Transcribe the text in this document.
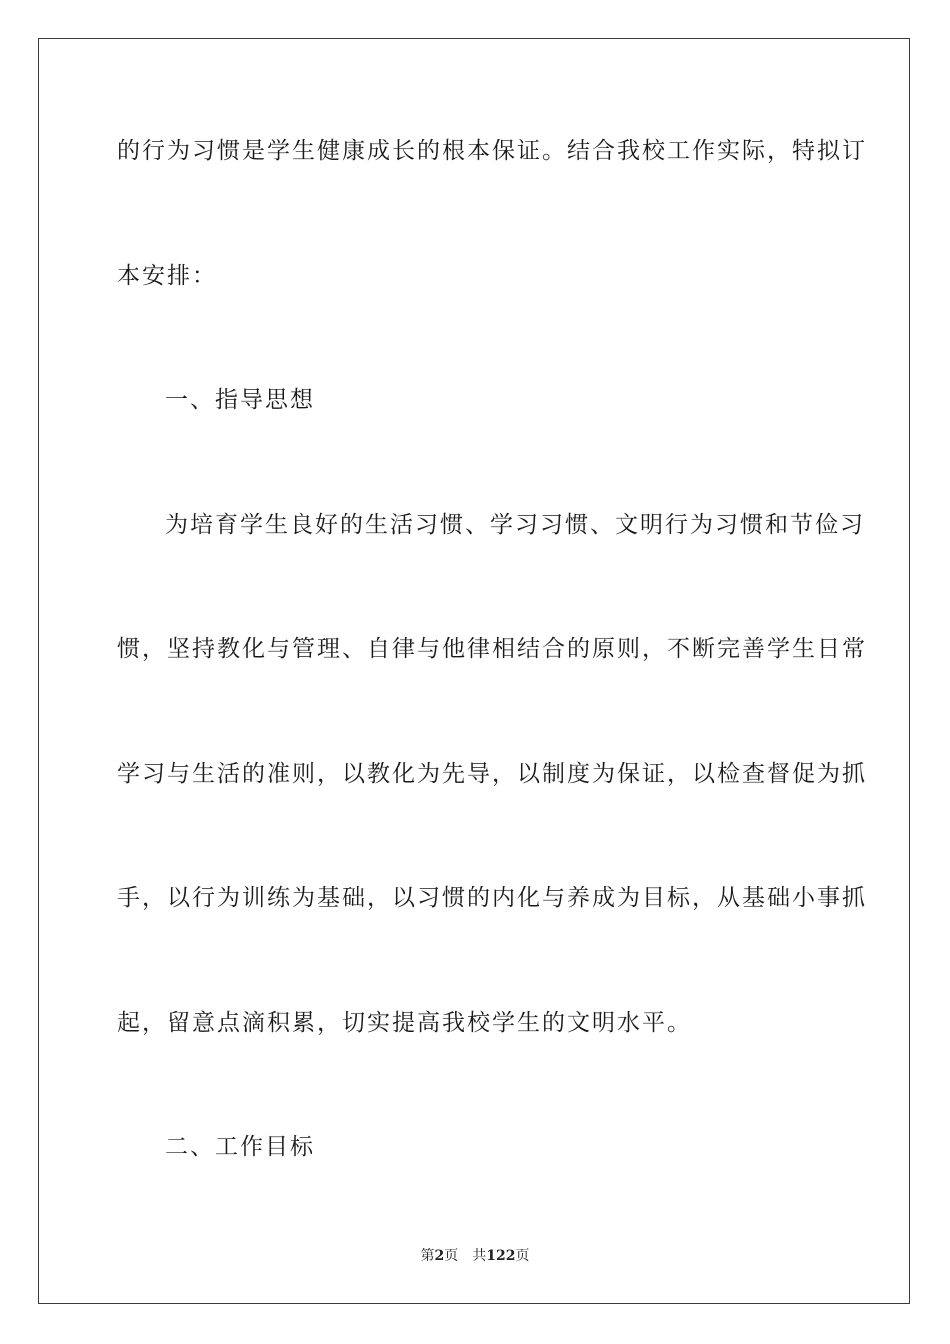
的行为习惯是学生健康成长的根本保证。结合我校工作实际，特拟订
本安排：
一、指导思想
为培育学生良好的生活习惯、学习习惯、文明行为习惯和节俭习
惯，坚持教化与管理、自律与他律相结合的原则，不断完善学生日常
学习与生活的准则，以教化为先导，以制度为保证，以检查督促为抓
手，以行为训练为基础，以习惯的内化与养成为目标，从基础小事抓
起，留意点滴积累，切实提高我校学生的文明水平。
二、工作目标
第2页 共122页
